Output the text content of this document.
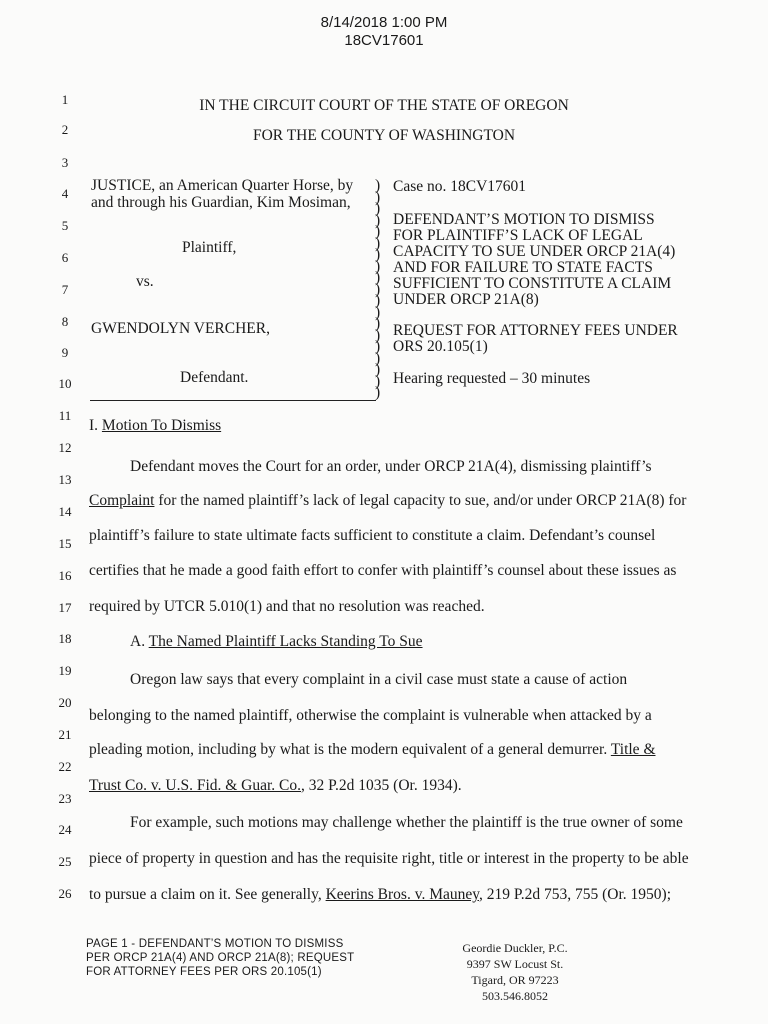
8/14/2018 1:00 PM
18CV17601
1
2
3
4
5
6
7
8
9
10
11
12
13
14
15
16
17
18
19
20
21
22
23
24
25
26
IN THE CIRCUIT COURT OF THE STATE OF OREGON
FOR THE COUNTY OF WASHINGTON
JUSTICE, an American Quarter Horse, by
and through his Guardian, Kim Mosiman,
Plaintiff,
vs.
GWENDOLYN VERCHER,
Defendant.
)
)
)
)
)
)
)
)
)
)
)
)
)
)
)
)
)
)
)
Case no. 18CV17601
DEFENDANT’S MOTION TO DISMISS
FOR PLAINTIFF’S LACK OF LEGAL
CAPACITY TO SUE UNDER ORCP 21A(4)
AND FOR FAILURE TO STATE FACTS
SUFFICIENT TO CONSTITUTE A CLAIM
UNDER ORCP 21A(8)
REQUEST FOR ATTORNEY FEES UNDER
ORS 20.105(1)
Hearing requested – 30 minutes
I. Motion To Dismiss
Defendant moves the Court for an order, under ORCP 21A(4), dismissing plaintiff’s
Complaint for the named plaintiff’s lack of legal capacity to sue, and/or under ORCP 21A(8) for
plaintiff’s failure to state ultimate facts sufficient to constitute a claim. Defendant’s counsel
certifies that he made a good faith effort to confer with plaintiff’s counsel about these issues as
required by UTCR 5.010(1) and that no resolution was reached.
A. The Named Plaintiff Lacks Standing To Sue
Oregon law says that every complaint in a civil case must state a cause of action
belonging to the named plaintiff, otherwise the complaint is vulnerable when attacked by a
pleading motion, including by what is the modern equivalent of a general demurrer. Title &
Trust Co. v. U.S. Fid. & Guar. Co., 32 P.2d 1035 (Or. 1934).
For example, such motions may challenge whether the plaintiff is the true owner of some
piece of property in question and has the requisite right, title or interest in the property to be able
to pursue a claim on it. See generally, Keerins Bros. v. Mauney, 219 P.2d 753, 755 (Or. 1950);
PAGE 1 - DEFENDANT’S MOTION TO DISMISS
PER ORCP 21A(4) AND ORCP 21A(8); REQUEST
FOR ATTORNEY FEES PER ORS 20.105(1)
Geordie Duckler, P.C.
9397 SW Locust St.
Tigard, OR 97223
503.546.8052
